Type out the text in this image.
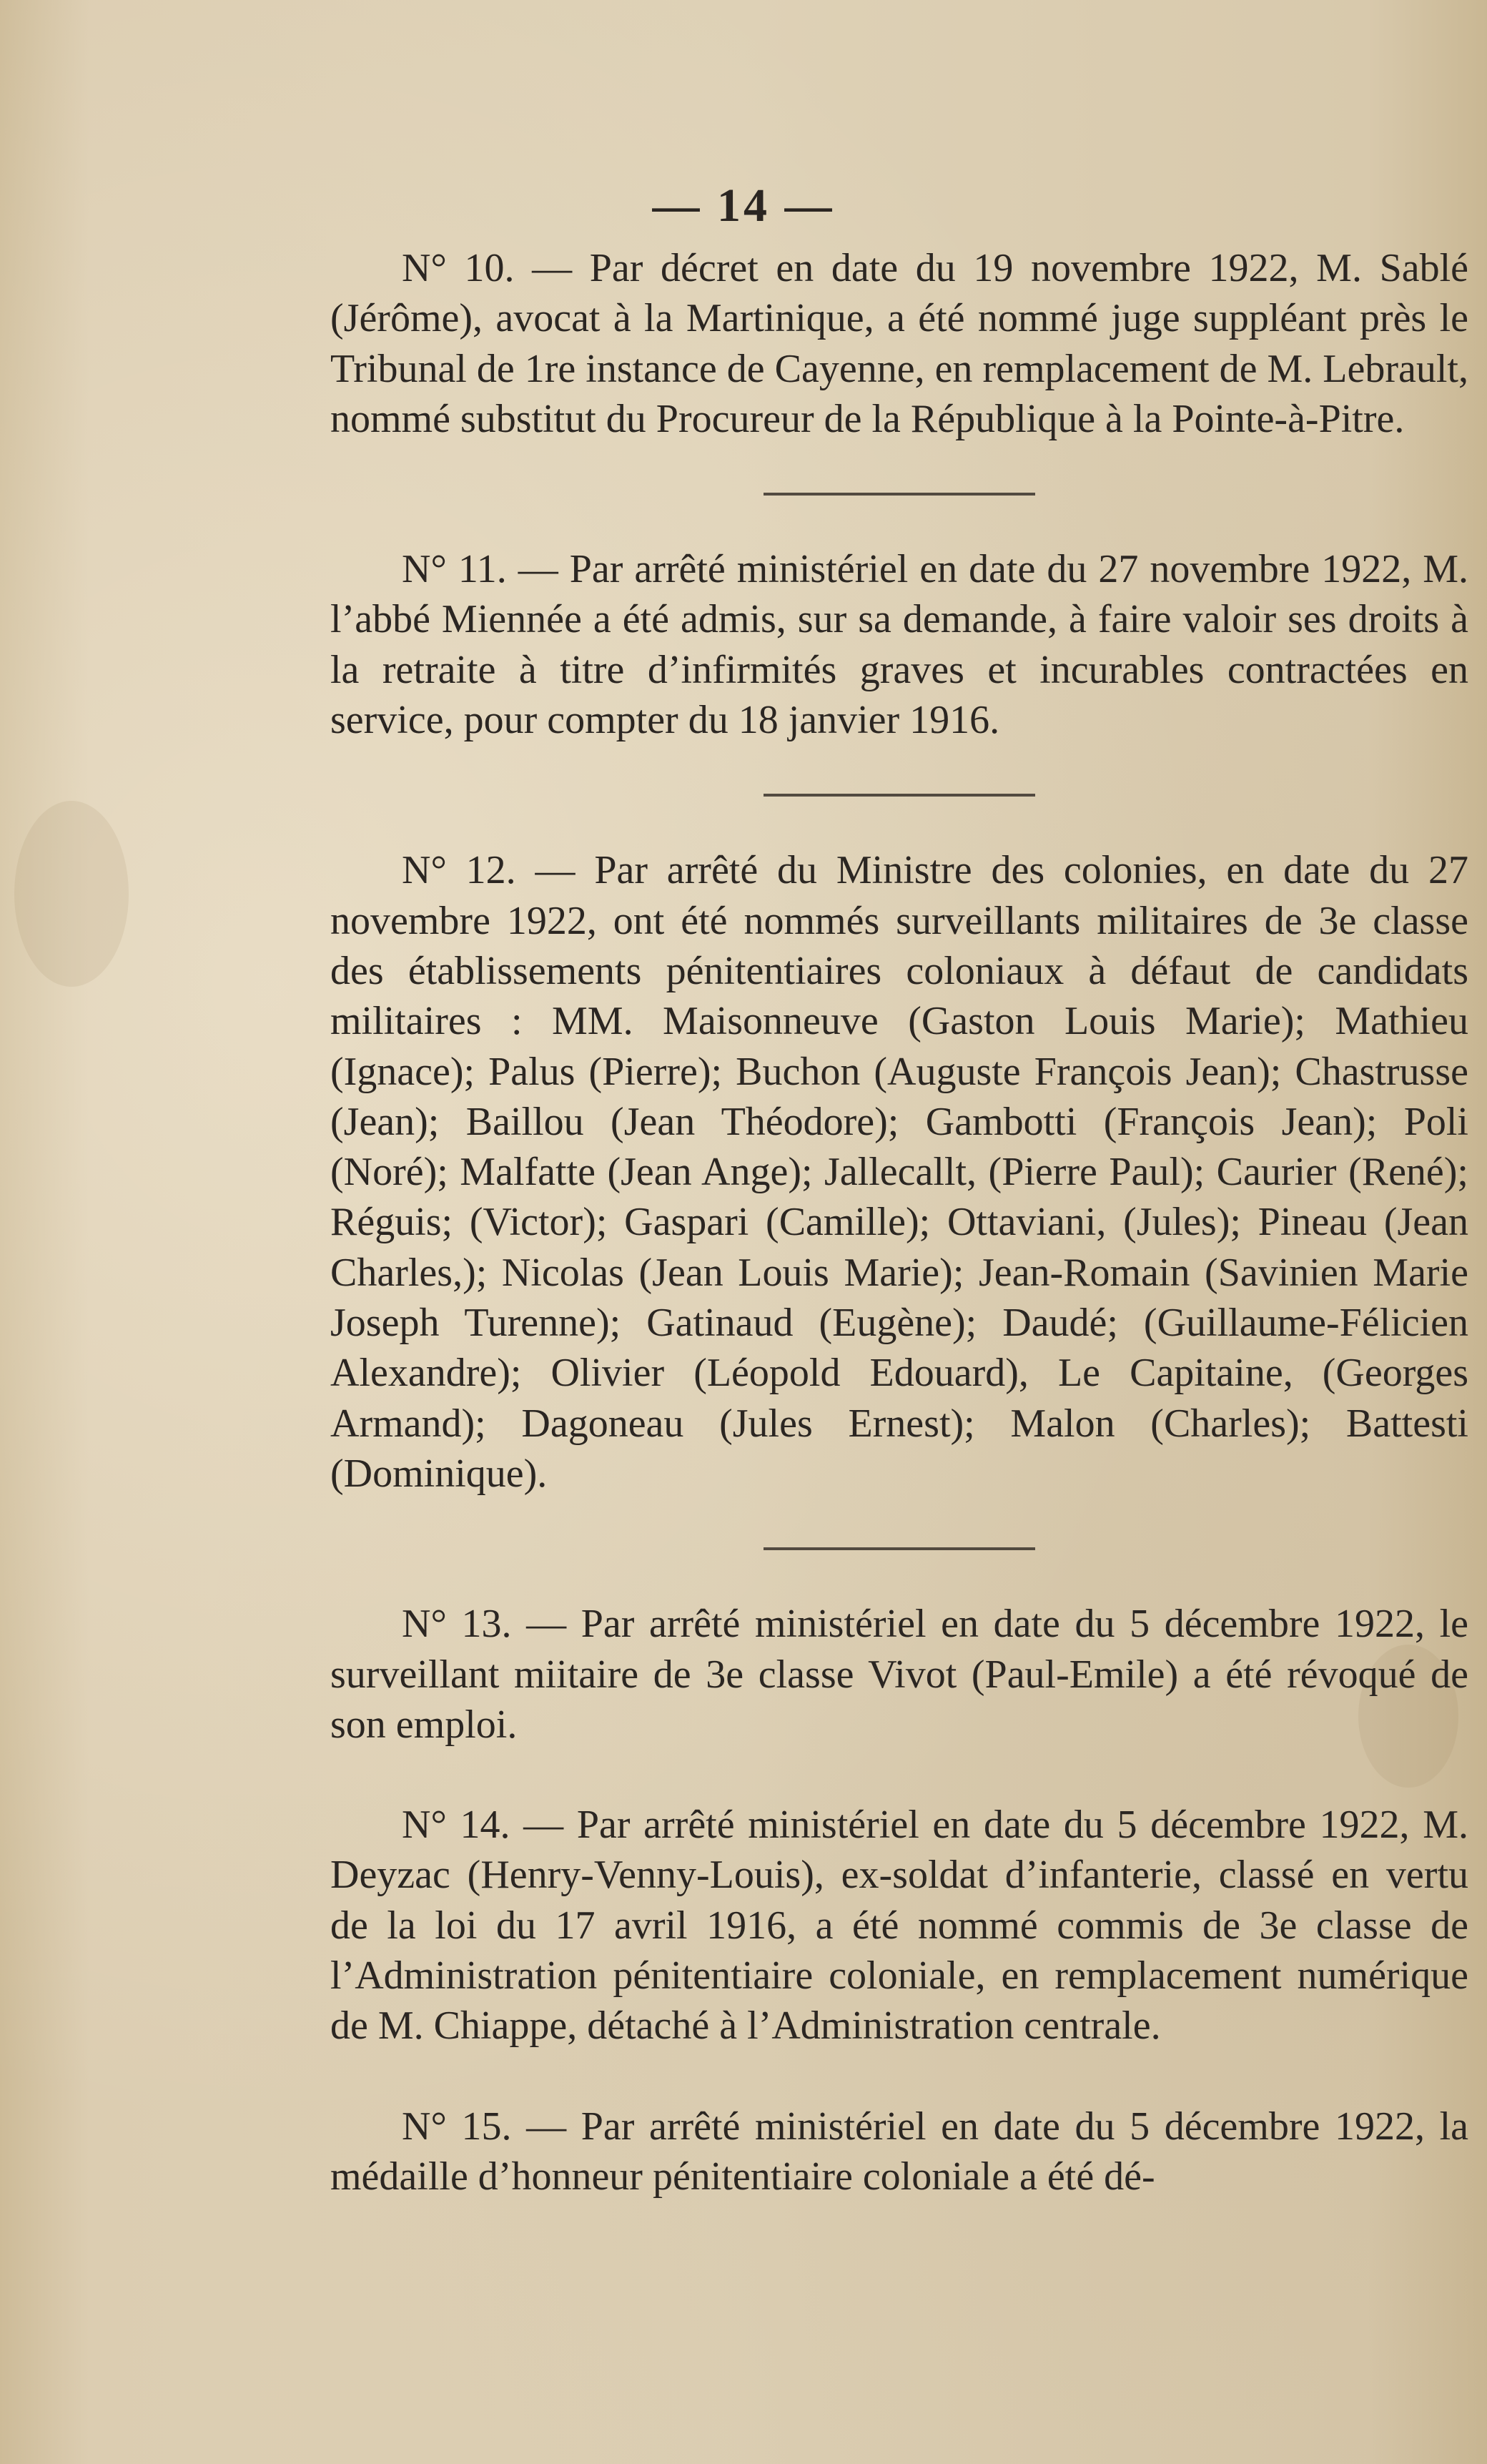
— 14 —

N° 10. — Par décret en date du 19 novembre 1922, M. Sablé (Jérôme), avocat à la Martinique, a été nommé juge suppléant près le Tribunal de 1re instance de Cayenne, en remplacement de M. Lebrault, nommé substitut du Procureur de la République à la Pointe-à-Pitre.

N° 11. — Par arrêté ministériel en date du 27 novembre 1922, M. l’abbé Miennée a été admis, sur sa demande, à faire valoir ses droits à la retraite à titre d’infirmités graves et incurables contractées en service, pour compter du 18 janvier 1916.

N° 12. — Par arrêté du Ministre des colonies, en date du 27 novembre 1922, ont été nommés surveillants militaires de 3e classe des établissements pénitentiaires coloniaux à défaut de candidats militaires : MM. Maisonneuve (Gaston Louis Marie); Mathieu (Ignace); Palus (Pierre); Buchon (Auguste François Jean); Chastrusse (Jean); Baillou (Jean Théodore); Gambotti (François Jean); Poli (Noré); Malfatte (Jean Ange); Jallecallt, (Pierre Paul); Caurier (René); Réguis; (Victor); Gaspari (Camille); Ottaviani, (Jules); Pineau (Jean Charles,); Nicolas (Jean Louis Marie); Jean-Romain (Savinien Marie Joseph Turenne); Gatinaud (Eugène); Daudé; (Guillaume-Félicien Alexandre); Olivier (Léopold Edouard), Le Capitaine, (Georges Armand); Dagoneau (Jules Ernest); Malon (Charles); Battesti (Dominique).

N° 13. — Par arrêté ministériel en date du 5 décembre 1922, le surveillant miitaire de 3e classe Vivot (Paul-Emile) a été révoqué de son emploi.

N° 14. — Par arrêté ministériel en date du 5 décembre 1922, M. Deyzac (Henry-Venny-Louis), ex-soldat d’infanterie, classé en vertu de la loi du 17 avril 1916, a été nommé commis de 3e classe de l’Administration pénitentiaire coloniale, en remplacement numérique de M. Chiappe, détaché à l’Administration centrale.

N° 15. — Par arrêté ministériel en date du 5 décembre 1922, la médaille d’honneur pénitentiaire coloniale a été dé-
